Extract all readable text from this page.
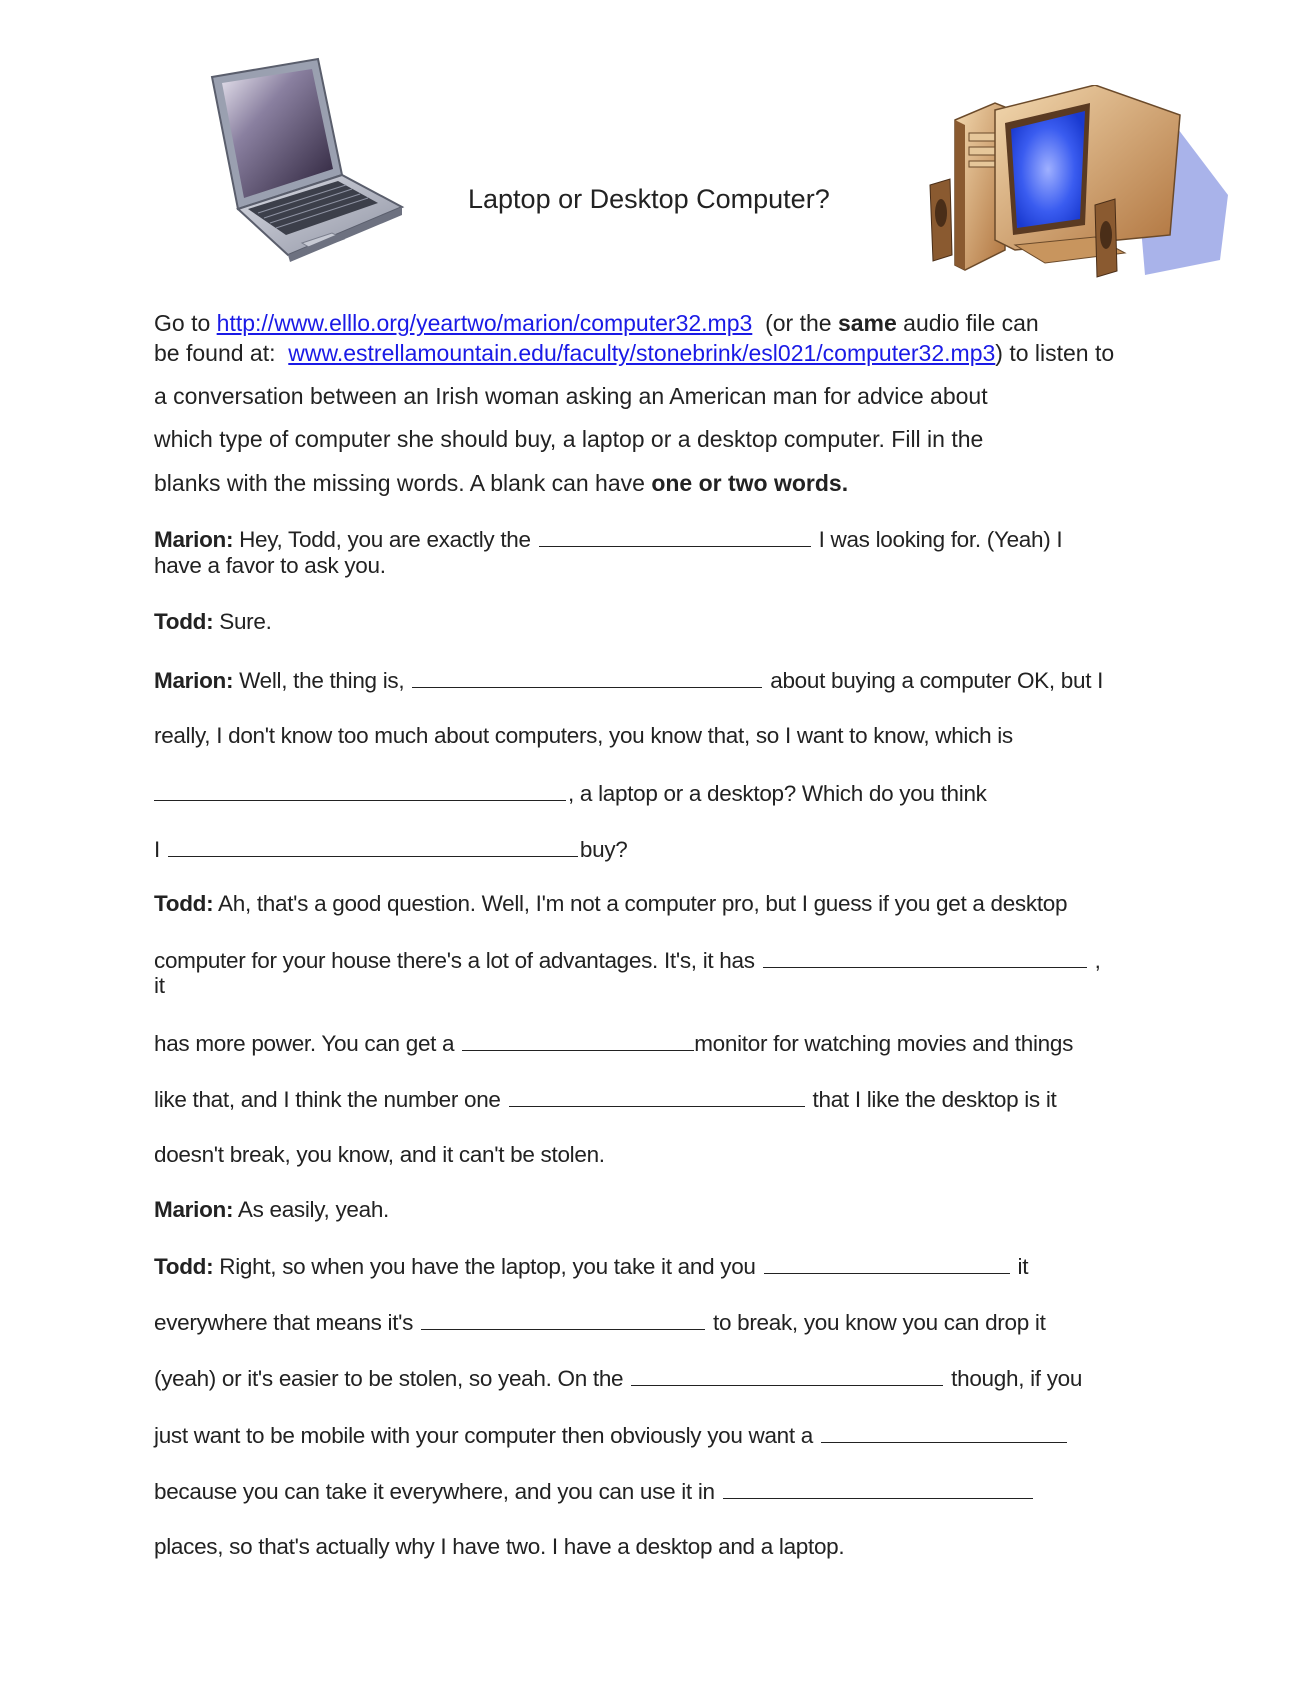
Laptop or Desktop Computer?
Go to http://www.elllo.org/yeartwo/marion/computer32.mp3 (or the same audio file can
be found at: www.estrellamountain.edu/faculty/stonebrink/esl021/computer32.mp3) to listen to
a conversation between an Irish woman asking an American man for advice about
which type of computer she should buy, a laptop or a desktop computer. Fill in the
blanks with the missing words. A blank can have one or two words.
Marion: Hey, Todd, you are exactly the	I was looking for. (Yeah) I
have a favor to ask you.
Todd: Sure.
Marion: Well, the thing is,	about buying a computer OK, but I
really, I don't know too much about computers, you know that, so I want to know, which is
, a laptop or a desktop? Which do you think
I	buy?
Todd: Ah, that's a good question. Well, I'm not a computer pro, but I guess if you get a desktop
computer for your house there's a lot of advantages. It's, it has	,
it
has more power. You can get a	monitor for watching movies and things
like that, and I think the number one	that I like the desktop is it
doesn't break, you know, and it can't be stolen.
Marion: As easily, yeah.
Todd: Right, so when you have the laptop, you take it and you	it
everywhere that means it's	to break, you know you can drop it
(yeah) or it's easier to be stolen, so yeah. On the	though, if you
just want to be mobile with your computer then obviously you want a
because you can take it everywhere, and you can use it in
places, so that's actually why I have two. I have a desktop and a laptop.
